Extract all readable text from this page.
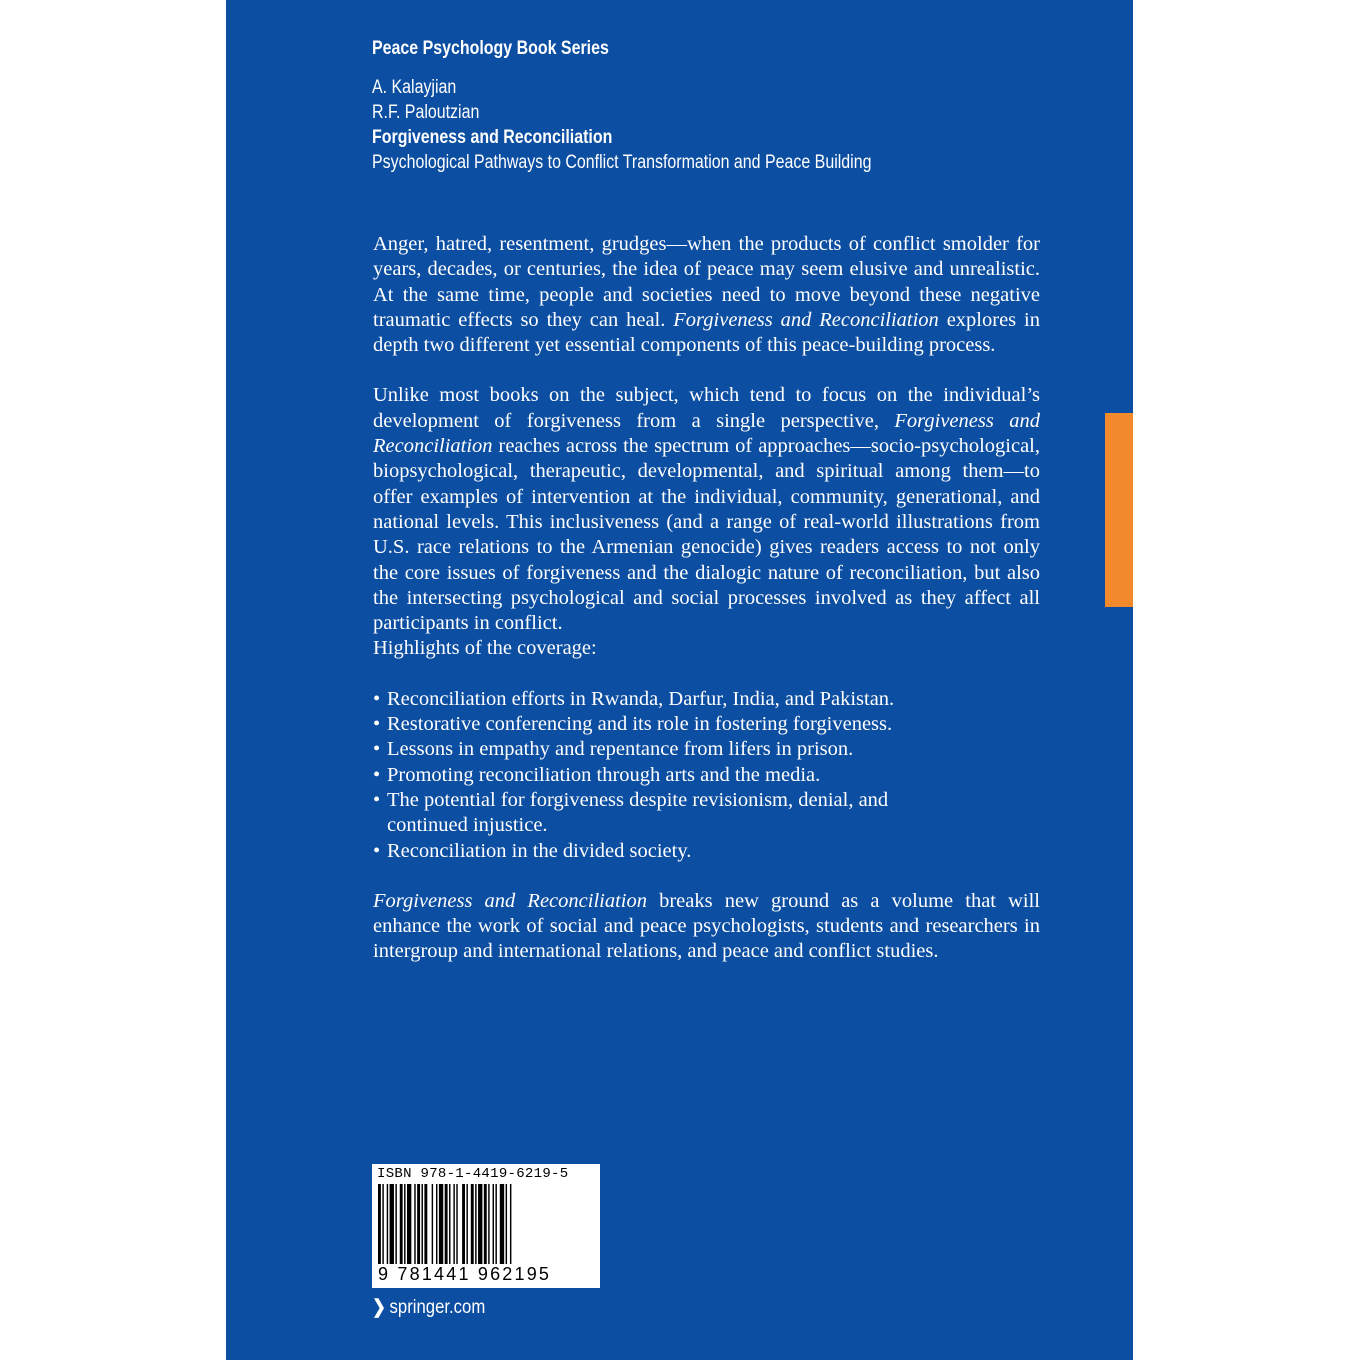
Peace Psychology Book Series
A. Kalayjian
R.F. Paloutzian
Forgiveness and Reconciliation
Psychological Pathways to Conflict Transformation and Peace Building

Anger, hatred, resentment, grudges—when the products of conflict smolder for years, decades, or centuries, the idea of peace may seem elusive and unrealistic. At the same time, people and societies need to move beyond these negative traumatic effects so they can heal. Forgiveness and Reconciliation explores in depth two different yet essential components of this peace-building process.

Unlike most books on the subject, which tend to focus on the individual’s development of forgiveness from a single perspective, Forgiveness and Reconciliation reaches across the spectrum of approaches—socio-psychological, biopsychological, therapeutic, developmental, and spiritual among them—to offer examples of intervention at the individual, community, generational, and national levels. This inclusiveness (and a range of real-world illustrations from U.S. race relations to the Armenian genocide) gives readers access to not only the core issues of forgiveness and the dialogic nature of reconciliation, but also the intersecting psychological and social processes involved as they affect all participants in conflict.

Highlights of the coverage:

• Reconciliation efforts in Rwanda, Darfur, India, and Pakistan.
• Restorative conferencing and its role in fostering forgiveness.
• Lessons in empathy and repentance from lifers in prison.
• Promoting reconciliation through arts and the media.
• The potential for forgiveness despite revisionism, denial, and continued injustice.
• Reconciliation in the divided society.

Forgiveness and Reconciliation breaks new ground as a volume that will enhance the work of social and peace psychologists, students and researchers in intergroup and international relations, and peace and conflict studies.

ISBN 978-1-4419-6219-5
9 781441 962195
❯ springer.com
